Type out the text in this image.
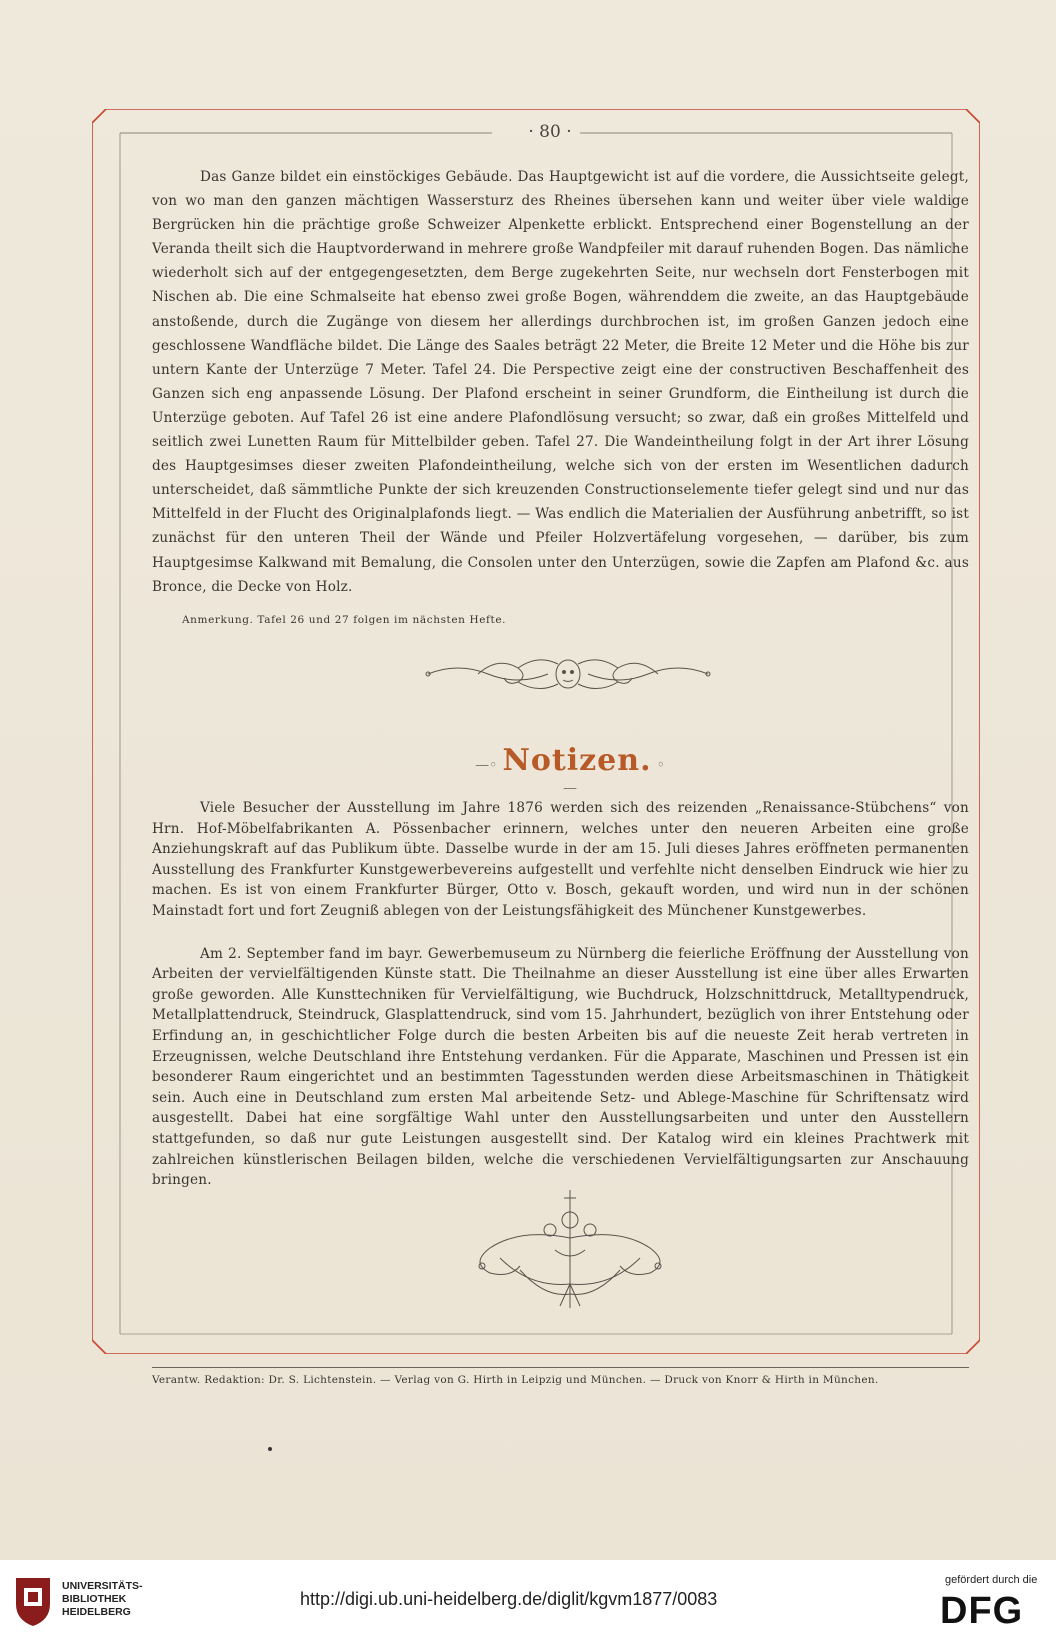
· 80 ·

Das Ganze bildet ein einstöckiges Gebäude. Das Hauptgewicht ist auf die vordere, die Aussichtseite gelegt, von wo man den ganzen mächtigen Wassersturz des Rheines übersehen kann und weiter über viele waldige Bergrücken hin die prächtige große Schweizer Alpenkette erblickt. Entsprechend einer Bogenstellung an der Veranda theilt sich die Hauptvorderwand in mehrere große Wandpfeiler mit darauf ruhenden Bogen. Das nämliche wiederholt sich auf der entgegengesetzten, dem Berge zugekehrten Seite, nur wechseln dort Fensterbogen mit Nischen ab. Die eine Schmalseite hat ebenso zwei große Bogen, währenddem die zweite, an das Hauptgebäude anstoßende, durch die Zugänge von diesem her allerdings durchbrochen ist, im großen Ganzen jedoch eine geschlossene Wandfläche bildet. Die Länge des Saales beträgt 22 Meter, die Breite 12 Meter und die Höhe bis zur untern Kante der Unterzüge 7 Meter. Tafel 24. Die Perspective zeigt eine der constructiven Beschaffenheit des Ganzen sich eng anpassende Lösung. Der Plafond erscheint in seiner Grundform, die Eintheilung ist durch die Unterzüge geboten. Auf Tafel 26 ist eine andere Plafondlösung versucht; so zwar, daß ein großes Mittelfeld und seitlich zwei Lunetten Raum für Mittelbilder geben. Tafel 27. Die Wandeintheilung folgt in der Art ihrer Lösung des Hauptgesimses dieser zweiten Plafondeintheilung, welche sich von der ersten im Wesentlichen dadurch unterscheidet, daß sämmtliche Punkte der sich kreuzenden Constructionselemente tiefer gelegt sind und nur das Mittelfeld in der Flucht des Originalplafonds liegt. — Was endlich die Materialien der Ausführung anbetrifft, so ist zunächst für den unteren Theil der Wände und Pfeiler Holzvertäfelung vorgesehen, — darüber, bis zum Hauptgesimse Kalkwand mit Bemalung, die Consolen unter den Unterzügen, sowie die Zapfen am Plafond &c. aus Bronce, die Decke von Holz.

Anmerkung. Tafel 26 und 27 folgen im nächsten Hefte.

—◦ Notizen. ◦—

Viele Besucher der Ausstellung im Jahre 1876 werden sich des reizenden „Renaissance-Stübchens“ von Hrn. Hof-Möbelfabrikanten A. Pössenbacher erinnern, welches unter den neueren Arbeiten eine große Anziehungskraft auf das Publikum übte. Dasselbe wurde in der am 15. Juli dieses Jahres eröffneten permanenten Ausstellung des Frankfurter Kunstgewerbevereins aufgestellt und verfehlte nicht denselben Eindruck wie hier zu machen. Es ist von einem Frankfurter Bürger, Otto v. Bosch, gekauft worden, und wird nun in der schönen Mainstadt fort und fort Zeugniß ablegen von der Leistungsfähigkeit des Münchener Kunstgewerbes.

Am 2. September fand im bayr. Gewerbemuseum zu Nürnberg die feierliche Eröffnung der Ausstellung von Arbeiten der vervielfältigenden Künste statt. Die Theilnahme an dieser Ausstellung ist eine über alles Erwarten große geworden. Alle Kunsttechniken für Vervielfältigung, wie Buchdruck, Holzschnittdruck, Metalltypendruck, Metallplattendruck, Steindruck, Glasplattendruck, sind vom 15. Jahrhundert, bezüglich von ihrer Entstehung oder Erfindung an, in geschichtlicher Folge durch die besten Arbeiten bis auf die neueste Zeit herab vertreten in Erzeugnissen, welche Deutschland ihre Entstehung verdanken. Für die Apparate, Maschinen und Pressen ist ein besonderer Raum eingerichtet und an bestimmten Tagesstunden werden diese Arbeitsmaschinen in Thätigkeit sein. Auch eine in Deutschland zum ersten Mal arbeitende Setz- und Ablege-Maschine für Schriftensatz wird ausgestellt. Dabei hat eine sorgfältige Wahl unter den Ausstellungsarbeiten und unter den Ausstellern stattgefunden, so daß nur gute Leistungen ausgestellt sind. Der Katalog wird ein kleines Prachtwerk mit zahlreichen künstlerischen Beilagen bilden, welche die verschiedenen Vervielfältigungsarten zur Anschauung bringen.

Verantw. Redaktion: Dr. S. Lichtenstein. — Verlag von G. Hirth in Leipzig und München. — Druck von Knorr & Hirth in München.
UNIVERSITÄTS-
BIBLIOTHEK
HEIDELBERG
http://digi.ub.uni-heidelberg.de/diglit/kgvm1877/0083
gefördert durch die
DFG
